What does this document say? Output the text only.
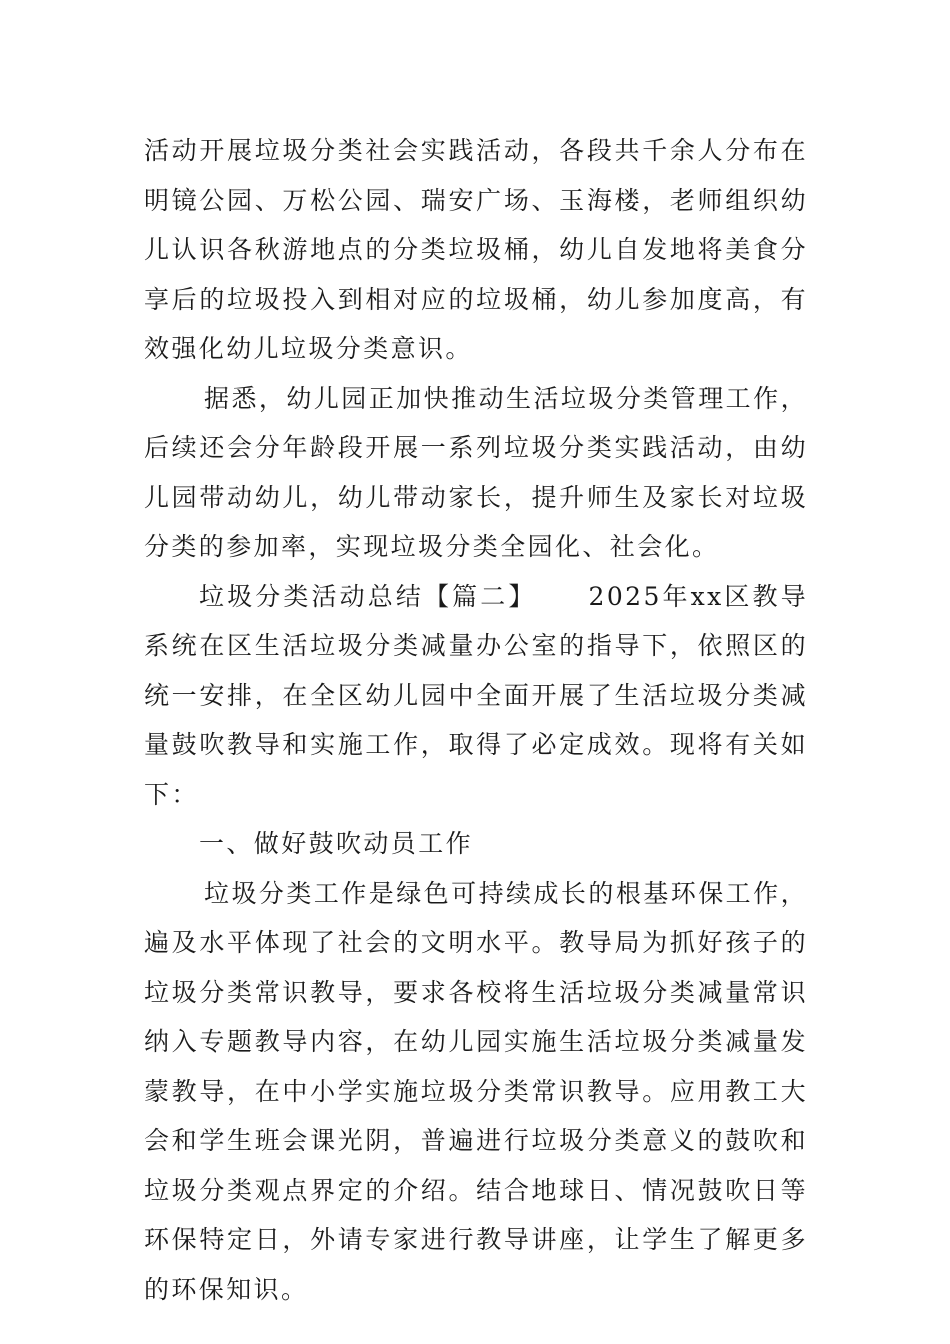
活动开展垃圾分类社会实践活动，各段共千余人分布在明镜公园、万松公园、瑞安广场、玉海楼，老师组织幼儿认识各秋游地点的分类垃圾桶，幼儿自发地将美食分享后的垃圾投入到相对应的垃圾桶，幼儿参加度高，有效强化幼儿垃圾分类意识。

据悉，幼儿园正加快推动生活垃圾分类管理工作，后续还会分年龄段开展一系列垃圾分类实践活动，由幼儿园带动幼儿，幼儿带动家长，提升师生及家长对垃圾分类的参加率，实现垃圾分类全园化、社会化。

垃圾分类活动总结【篇二】 2025年xx区教导系统在区生活垃圾分类减量办公室的指导下，依照区的统一安排，在全区幼儿园中全面开展了生活垃圾分类减量鼓吹教导和实施工作，取得了必定成效。现将有关如下：

一、做好鼓吹动员工作

垃圾分类工作是绿色可持续成长的根基环保工作，遍及水平体现了社会的文明水平。教导局为抓好孩子的垃圾分类常识教导，要求各校将生活垃圾分类减量常识纳入专题教导内容，在幼儿园实施生活垃圾分类减量发蒙教导，在中小学实施垃圾分类常识教导。应用教工大会和学生班会课光阴，普遍进行垃圾分类意义的鼓吹和垃圾分类观点界定的介绍。结合地球日、情况鼓吹日等环保特定日，外请专家进行教导讲座，让学生了解更多的环保知识。
